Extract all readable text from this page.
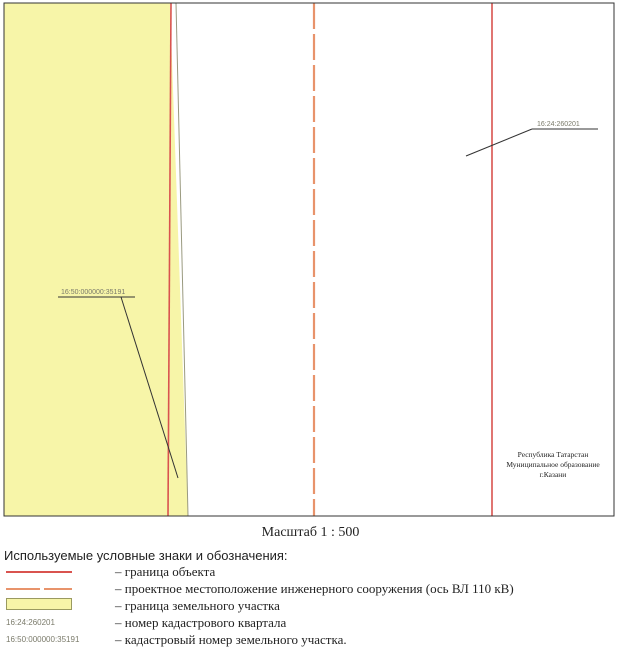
16:24:260201
16:50:000000:35191
Республика Татарстан
Муниципальное образование
г.Казани
Масштаб 1 : 500
Используемые условные знаки и обозначения:
– граница объекта
– проектное местоположение инженерного сооружения (ось ВЛ 110 кВ)
– граница земельного участка
16:24:260201	– номер кадастрового квартала
16:50:000000:35191	– кадастровый номер земельного участка.
